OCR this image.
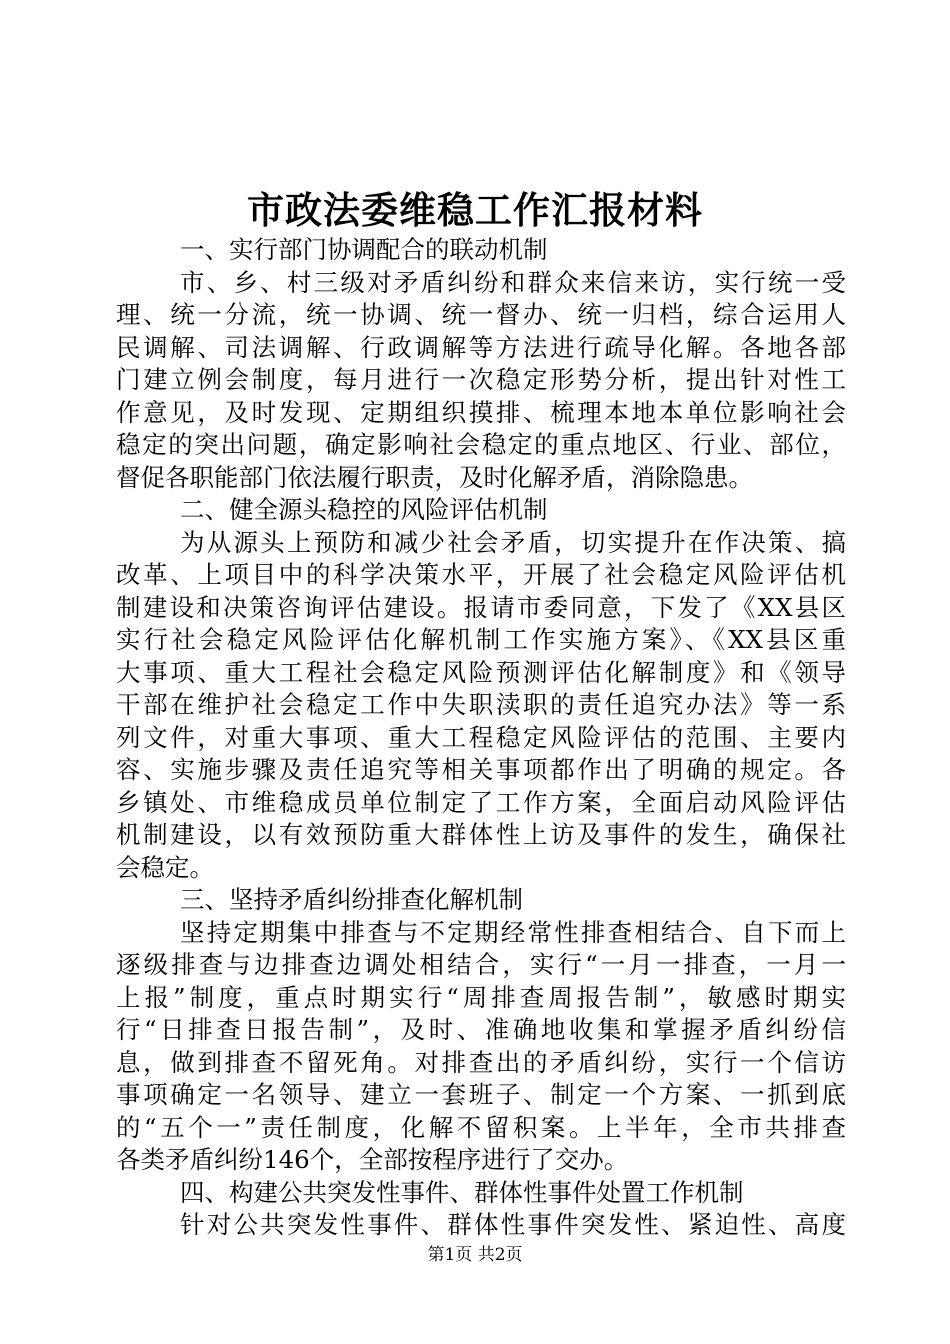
市政法委维稳工作汇报材料
一、实行部门协调配合的联动机制
市、乡、村三级对矛盾纠纷和群众来信来访，实行统一受
理、统一分流，统一协调、统一督办、统一归档，综合运用人
民调解、司法调解、行政调解等方法进行疏导化解。各地各部
门建立例会制度，每月进行一次稳定形势分析，提出针对性工
作意见，及时发现、定期组织摸排、梳理本地本单位影响社会
稳定的突出问题，确定影响社会稳定的重点地区、行业、部位，
督促各职能部门依法履行职责，及时化解矛盾，消除隐患。
二、健全源头稳控的风险评估机制
为从源头上预防和减少社会矛盾，切实提升在作决策、搞
改革、上项目中的科学决策水平，开展了社会稳定风险评估机
制建设和决策咨询评估建设。报请市委同意，下发了《XX县区
实行社会稳定风险评估化解机制工作实施方案》、《XX县区重
大事项、重大工程社会稳定风险预测评估化解制度》和《领导
干部在维护社会稳定工作中失职渎职的责任追究办法》等一系
列文件，对重大事项、重大工程稳定风险评估的范围、主要内
容、实施步骤及责任追究等相关事项都作出了明确的规定。各
乡镇处、市维稳成员单位制定了工作方案，全面启动风险评估
机制建设，以有效预防重大群体性上访及事件的发生，确保社
会稳定。
三、坚持矛盾纠纷排查化解机制
坚持定期集中排查与不定期经常性排查相结合、自下而上
逐级排查与边排查边调处相结合，实行“一月一排查，一月一
上报”制度，重点时期实行“周排查周报告制”，敏感时期实
行“日排查日报告制”，及时、准确地收集和掌握矛盾纠纷信
息，做到排查不留死角。对排查出的矛盾纠纷，实行一个信访
事项确定一名领导、建立一套班子、制定一个方案、一抓到底
的“五个一”责任制度，化解不留积案。上半年，全市共排查
各类矛盾纠纷146个，全部按程序进行了交办。
四、构建公共突发性事件、群体性事件处置工作机制
针对公共突发性事件、群体性事件突发性、紧迫性、高度
第1页 共2页
